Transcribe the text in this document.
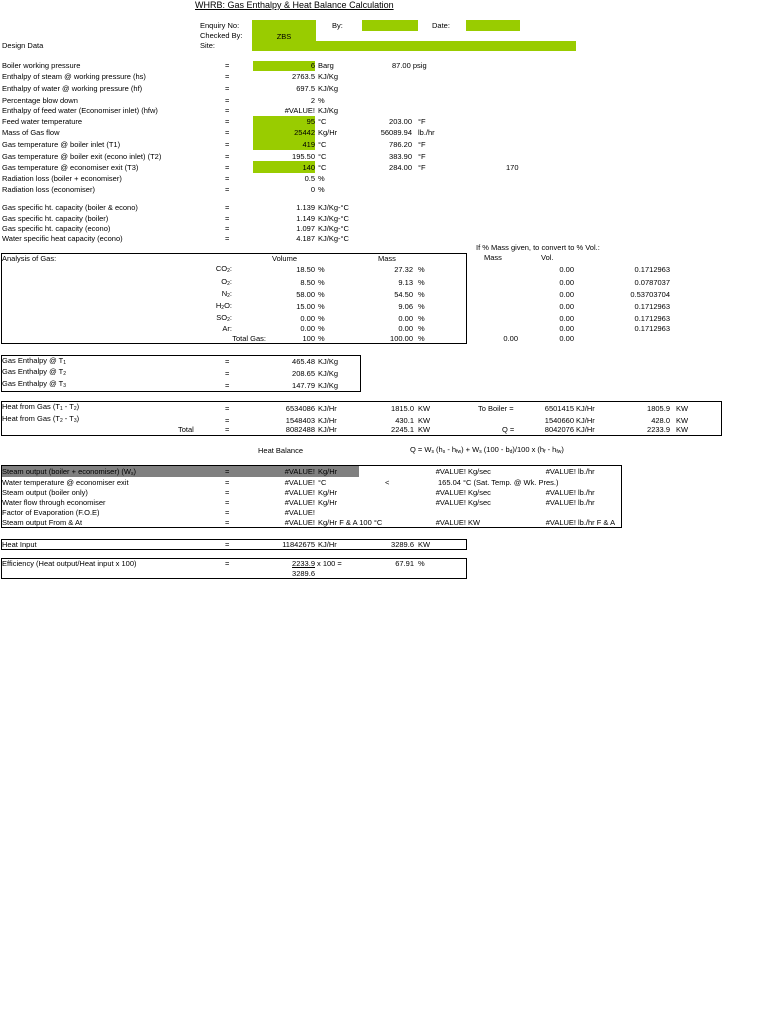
WHRB: Gas Enthalpy & Heat Balance Calculation
Enquiry No:	By:	Date:
Checked By:	ZBS
Site:
Design Data
Boiler working pressure	=	6 Barg	87.00 psig
Enthalpy of steam @ working pressure (hs)	=	2763.5 KJ/Kg
Enthalpy of water @ working pressure (hf)	=	697.5 KJ/Kg
Percentage blow down	=	2 %
Enthalpy of feed water (Economiser inlet) (hfw)	=	#VALUE! KJ/Kg
Feed water temperature	=	95 °C	203.00 °F
Mass of Gas flow	=	25442 Kg/Hr	56089.94 lb./hr
Gas temperature @ boiler inlet (T1)	=	419 °C	786.20 °F
Gas temperature @ boiler exit (econo inlet) (T2)	=	195.50 °C	383.90 °F
Gas temperature @ economiser exit (T3)	=	140 °C	284.00 °F	170
Radiation loss (boiler + economiser)	=	0.5 %
Radiation loss (economiser)	=	0 %
Gas specific ht. capacity (boiler & econo)	=	1.139 KJ/Kg-°C
Gas specific ht. capacity (boiler)	=	1.149 KJ/Kg-°C
Gas specific ht. capacity (econo)	=	1.097 KJ/Kg-°C
Water specific heat capacity (econo)	=	4.187 KJ/Kg-°C
If % Mass given, to convert to % Vol.:
Mass	Vol.
Analysis of Gas:	Volume	Mass
$CO_2$:	18.50 %	27.32 %	0.00	0.1712963
$O_2$:	8.50 %	9.13 %	0.00	0.0787037
$N_2$:	58.00 %	54.50 %	0.00	0.53703704
$H_2O$:	15.00 %	9.06 %	0.00	0.1712963
$SO_2$:	0.00 %	0.00 %	0.00	0.1712963
Ar:	0.00 %	0.00 %	0.00	0.1712963
Total Gas:	100 %	100.00 %	0.00	0.00
Gas Enthalpy @ $T_1$	=	465.48 KJ/Kg
Gas Enthalpy @ $T_2$	=	208.65 KJ/Kg
Gas Enthalpy @ $T_3$	=	147.79 KJ/Kg
Heat from Gas $(T_1 - T_2)$	=	6534086 KJ/Hr	1815.0 KW	To Boiler =	6501415 KJ/Hr	1805.9 KW
Heat from Gas $(T_2 - T_3)$	=	1548403 KJ/Hr	430.1 KW	1540660 KJ/Hr	428.0 KW
Total	=	8082488 KJ/Hr	2245.1 KW	Q =	8042076 KJ/Hr	2233.9 KW
Heat Balance	$Q = W_s$ $(h_s - h_{fw}) + W_s$ $(100 - b_d)/100$ x $(h_f - h_{fw})$
Steam output (boiler + economiser) $(W_s)$	=	#VALUE! Kg/Hr	#VALUE! Kg/sec	#VALUE! lb./hr
Water temperature @ economiser exit	=	#VALUE! °C	<	165.04 °C (Sat. Temp. @ Wk. Pres.)
Steam output (boiler only)	=	#VALUE! Kg/Hr	#VALUE! Kg/sec	#VALUE! lb./hr
Water flow through economiser	=	#VALUE! Kg/Hr	#VALUE! Kg/sec	#VALUE! lb./hr
Factor of Evaporation (F.O.E)	=	#VALUE!
Steam output From & At	=	#VALUE! Kg/Hr F & A 100 °C	#VALUE! KW	#VALUE! lb./hr F & A
Heat Input	=	11842675 KJ/Hr	3289.6 KW
Efficiency (Heat output/Heat input x 100)	=	2233.9 x 100 =	67.91 %
3289.6
